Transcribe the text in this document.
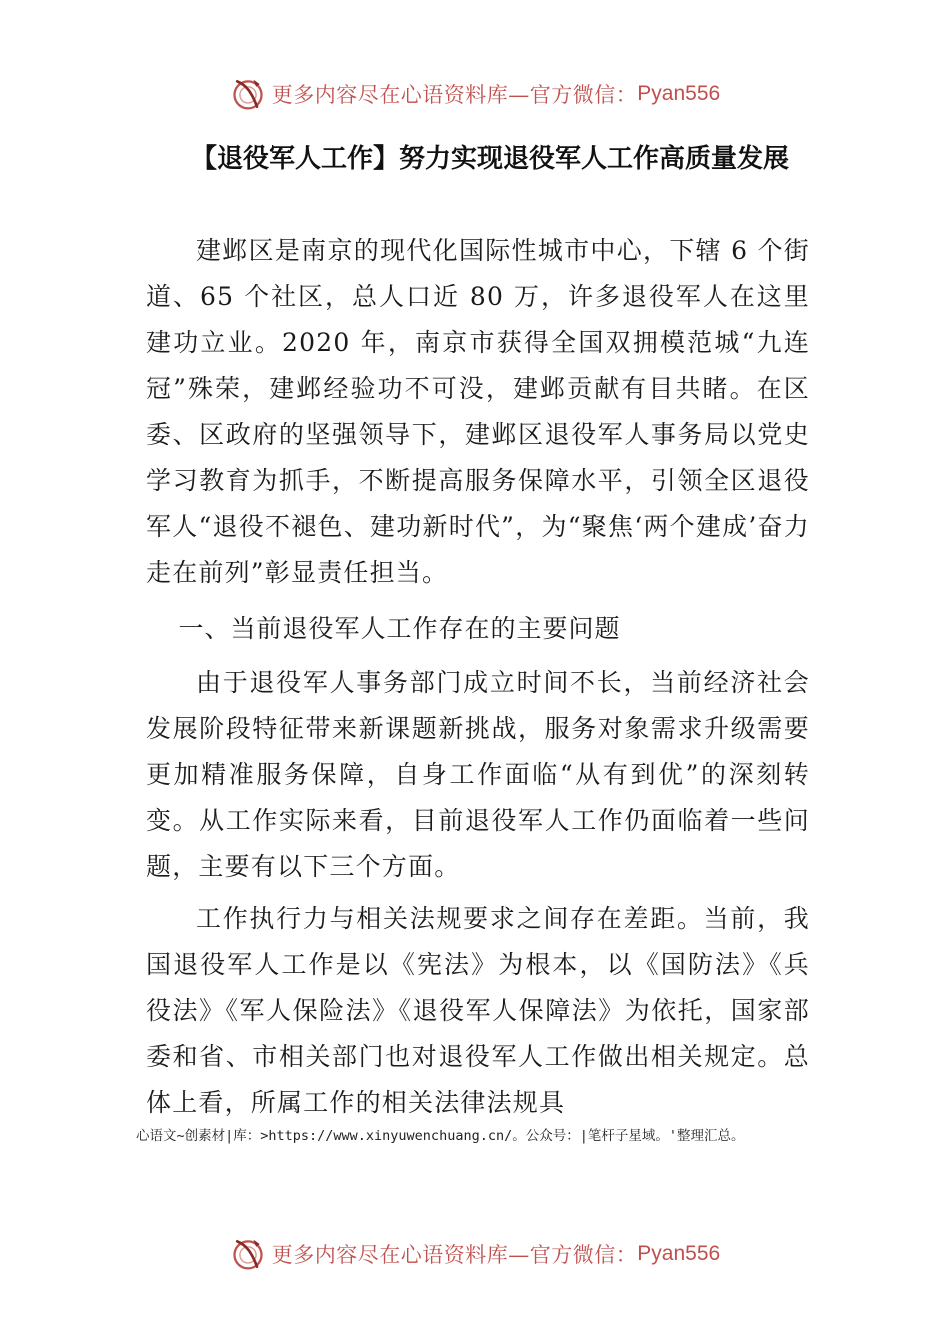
更多内容尽在心语资料库—官方微信： Pyan556
【退役军人工作】努力实现退役军人工作高质量发展

建邺区是南京的现代化国际性城市中心，下辖 6 个街道、65 个社区，总人口近 80 万，许多退役军人在这里建功立业。2020 年，南京市获得全国双拥模范城“九连冠”殊荣，建邺经验功不可没，建邺贡献有目共睹。在区委、区政府的坚强领导下，建邺区退役军人事务局以党史学习教育为抓手，不断提高服务保障水平，引领全区退役军人“退役不褪色、建功新时代”，为“聚焦‘两个建成’奋力走在前列”彰显责任担当。

一、当前退役军人工作存在的主要问题

由于退役军人事务部门成立时间不长，当前经济社会发展阶段特征带来新课题新挑战，服务对象需求升级需要更加精准服务保障，自身工作面临“从有到优”的深刻转变。从工作实际来看，目前退役军人工作仍面临着一些问题，主要有以下三个方面。

工作执行力与相关法规要求之间存在差距。当前，我国退役军人工作是以《宪法》为根本，以《国防法》《兵役法》《军人保险法》《退役军人保障法》为依托，国家部委和省、市相关部门也对退役军人工作做出相关规定。总体上看，所属工作的相关法律法规具

心语文~创素材|库：>https://www.xinyuwenchuang.cn/。公众号：|笔杆子星域。'整理汇总。
更多内容尽在心语资料库—官方微信： Pyan556
